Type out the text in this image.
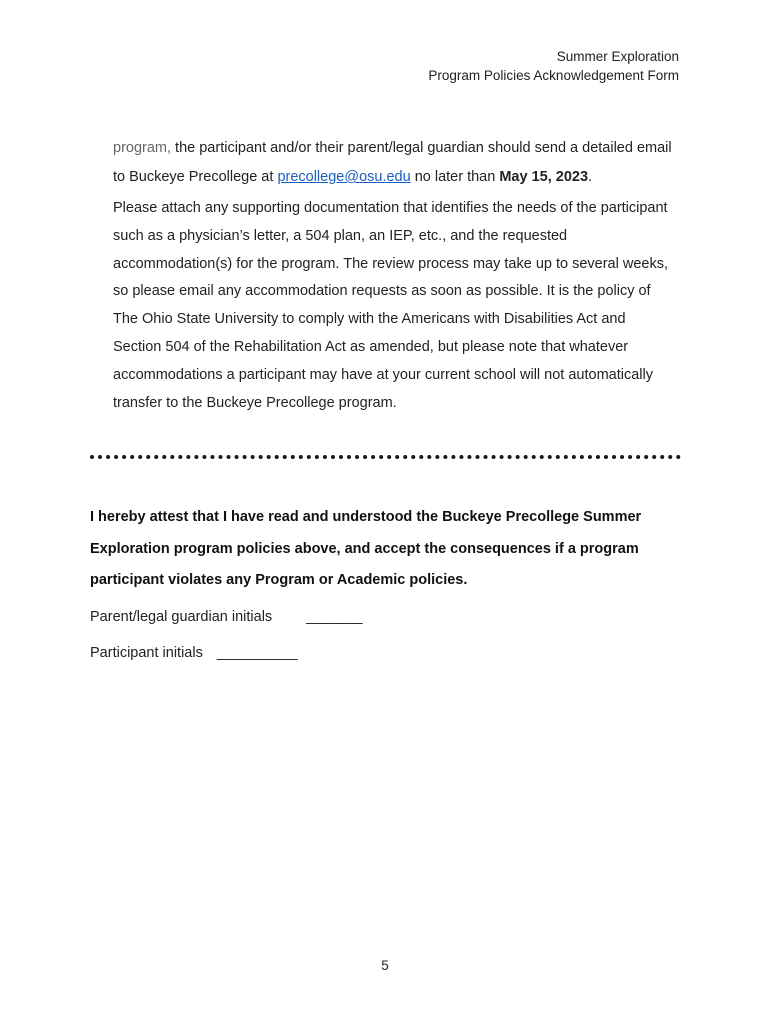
Summer Exploration
Program Policies Acknowledgement Form

program, the participant and/or their parent/legal guardian should send a detailed email to Buckeye Precollege at precollege@osu.edu no later than May 15, 2023.

Please attach any supporting documentation that identifies the needs of the participant such as a physician’s letter, a 504 plan, an IEP, etc., and the requested accommodation(s) for the program. The review process may take up to several weeks, so please email any accommodation requests as soon as possible. It is the policy of The Ohio State University to comply with the Americans with Disabilities Act and Section 504 of the Rehabilitation Act as amended, but please note that whatever accommodations a participant may have at your current school will not automatically transfer to the Buckeye Precollege program.

I hereby attest that I have read and understood the Buckeye Precollege Summer Exploration program policies above, and accept the consequences if a program participant violates any Program or Academic policies.

Parent/legal guardian initials _______
Participant initials __________
5
